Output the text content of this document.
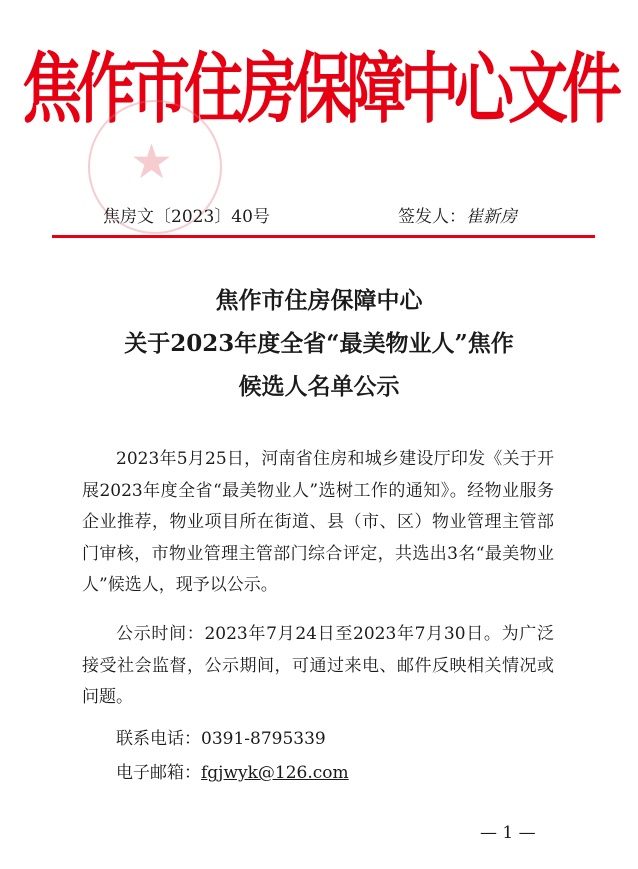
焦作市住房保障中心文件
★
焦房文〔2023〕40号	签发人：崔新房
焦作市住房保障中心
关于2023年度全省“最美物业人”焦作
候选人名单公示

2023年5月25日，河南省住房和城乡建设厅印发《关于开展2023年度全省“最美物业人”选树工作的通知》。经物业服务企业推荐，物业项目所在街道、县（市、区）物业管理主管部门审核，市物业管理主管部门综合评定，共选出3名“最美物业人”候选人，现予以公示。

公示时间：2023年7月24日至2023年7月30日。为广泛接受社会监督，公示期间，可通过来电、邮件反映相关情况或问题。

联系电话：0391-8795339
电子邮箱：fgjwyk@126.com
— 1 —
